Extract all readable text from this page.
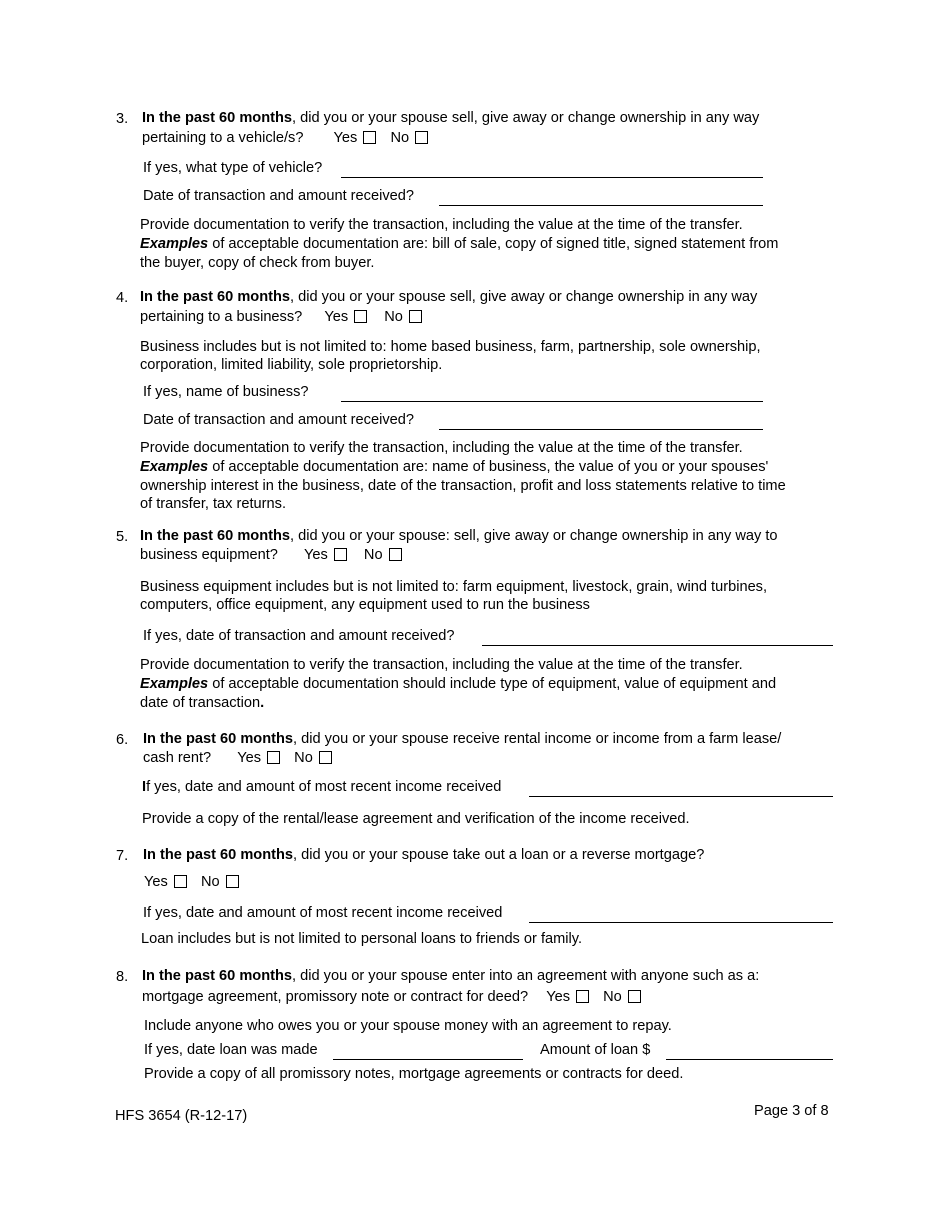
3. In the past 60 months, did you or your spouse sell, give away or change ownership in any way
pertaining to a vehicle/s? Yes No
If yes, what type of vehicle?
Date of transaction and amount received?
Provide documentation to verify the transaction, including the value at the time of the transfer.
Examples of acceptable documentation are: bill of sale, copy of signed title, signed statement from
the buyer, copy of check from buyer.
4. In the past 60 months, did you or your spouse sell, give away or change ownership in any way
pertaining to a business? Yes No
Business includes but is not limited to: home based business, farm, partnership, sole ownership,
corporation, limited liability, sole proprietorship.
If yes, name of business?
Date of transaction and amount received?
Provide documentation to verify the transaction, including the value at the time of the transfer.
Examples of acceptable documentation are: name of business, the value of you or your spouses'
ownership interest in the business, date of the transaction, profit and loss statements relative to time
of transfer, tax returns.
5. In the past 60 months, did you or your spouse: sell, give away or change ownership in any way to
business equipment? Yes No
Business equipment includes but is not limited to: farm equipment, livestock, grain, wind turbines,
computers, office equipment, any equipment used to run the business
If yes, date of transaction and amount received?
Provide documentation to verify the transaction, including the value at the time of the transfer.
Examples of acceptable documentation should include type of equipment, value of equipment and
date of transaction.
6. In the past 60 months, did you or your spouse receive rental income or income from a farm lease/
cash rent? Yes No
If yes, date and amount of most recent income received
Provide a copy of the rental/lease agreement and verification of the income received.
7. In the past 60 months, did you or your spouse take out a loan or a reverse mortgage?
Yes No
If yes, date and amount of most recent income received
Loan includes but is not limited to personal loans to friends or family.
8. In the past 60 months, did you or your spouse enter into an agreement with anyone such as a:
mortgage agreement, promissory note or contract for deed? Yes No
Include anyone who owes you or your spouse money with an agreement to repay.
If yes, date loan was made	Amount of loan $
Provide a copy of all promissory notes, mortgage agreements or contracts for deed.
HFS 3654 (R-12-17)	Page 3 of 8
